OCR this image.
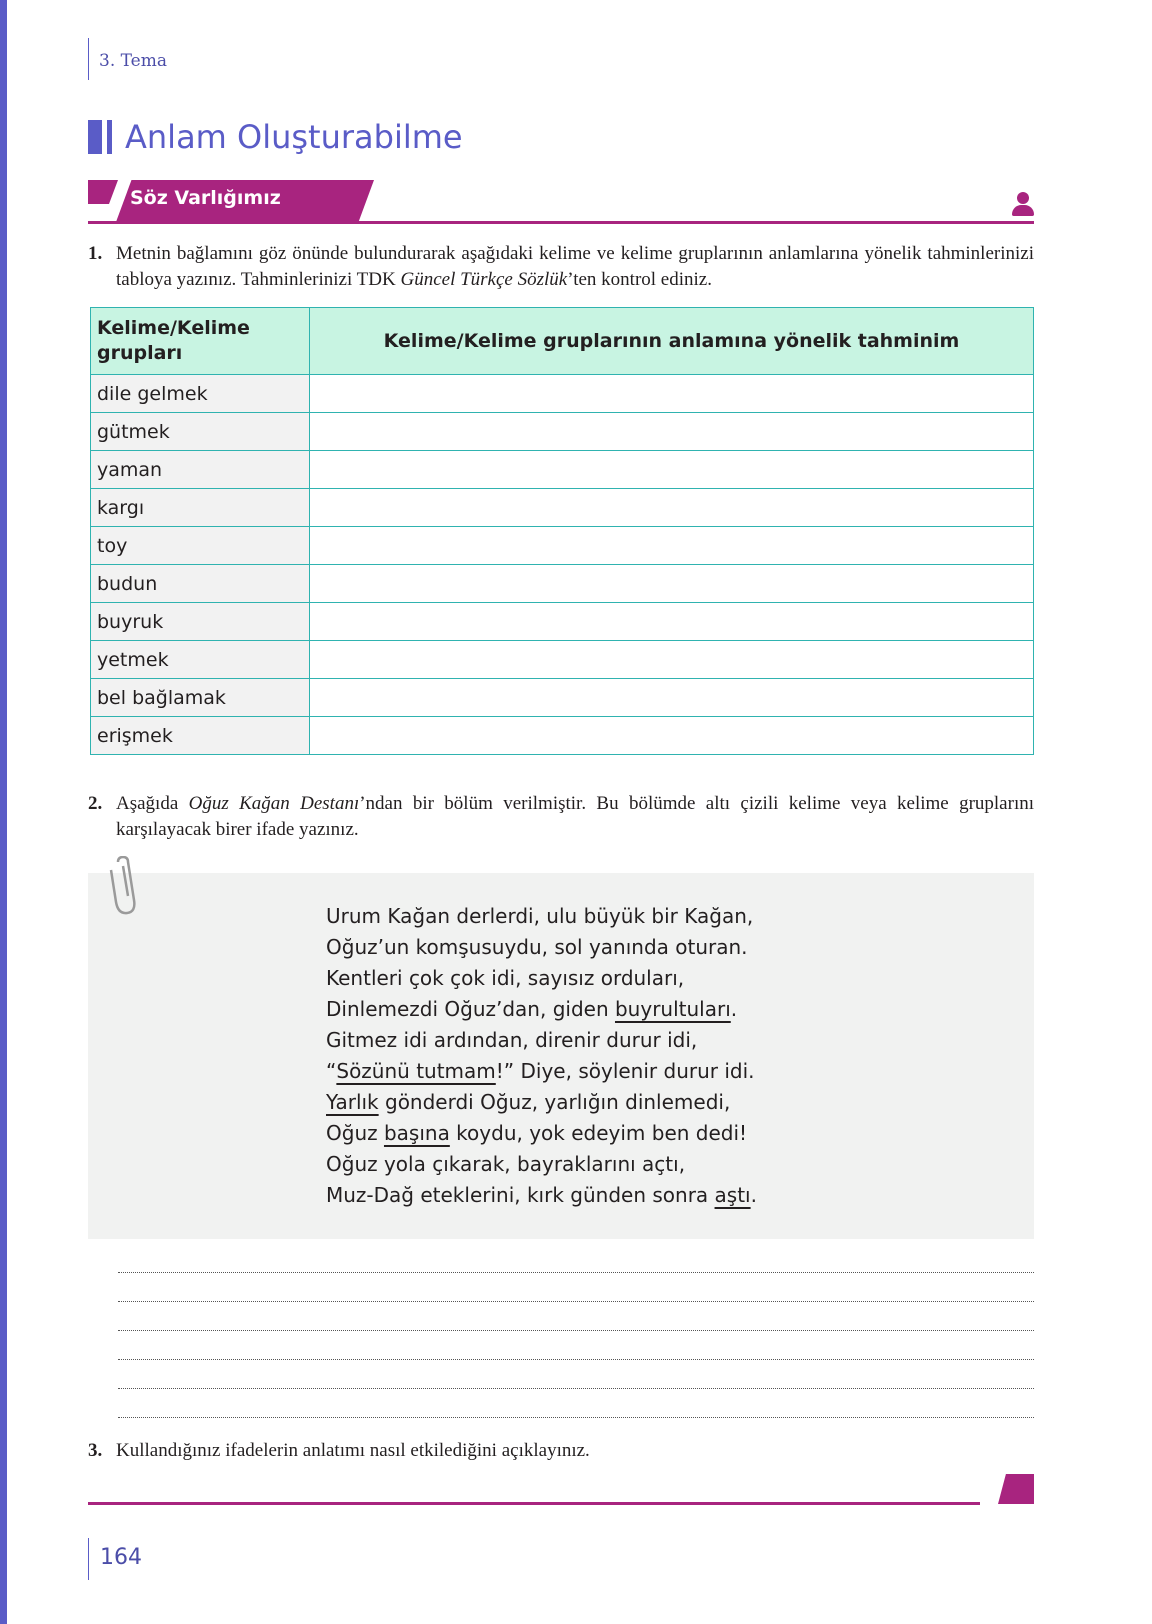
3. Tema
Anlam Oluşturabilme
Söz Varlığımız
1. Metnin bağlamını göz önünde bulundurarak aşağıdaki kelime ve kelime gruplarının anlamlarına yönelik tahminlerinizi tabloya yazınız. Tahminlerinizi TDK Güncel Türkçe Sözlük’ten kontrol ediniz.
Kelime/Kelime grupları	Kelime/Kelime gruplarının anlamına yönelik tahminim
dile gelmek	
gütmek	
yaman	
kargı	
toy	
budun	
buyruk	
yetmek	
bel bağlamak	
erişmek	
2. Aşağıda Oğuz Kağan Destanı’ndan bir bölüm verilmiştir. Bu bölümde altı çizili kelime veya kelime gruplarını karşılayacak birer ifade yazınız.
Urum Kağan derlerdi, ulu büyük bir Kağan,
Oğuz’un komşusuydu, sol yanında oturan.
Kentleri çok çok idi, sayısız orduları,
Dinlemezdi Oğuz’dan, giden buyrultuları.
Gitmez idi ardından, direnir durur idi,
“Sözünü tutmam!” Diye, söylenir durur idi.
Yarlık gönderdi Oğuz, yarlığın dinlemedi,
Oğuz başına koydu, yok edeyim ben dedi!
Oğuz yola çıkarak, bayraklarını açtı,
Muz-Dağ eteklerini, kırk günden sonra aştı.
3. Kullandığınız ifadelerin anlatımı nasıl etkilediğini açıklayınız.
164
